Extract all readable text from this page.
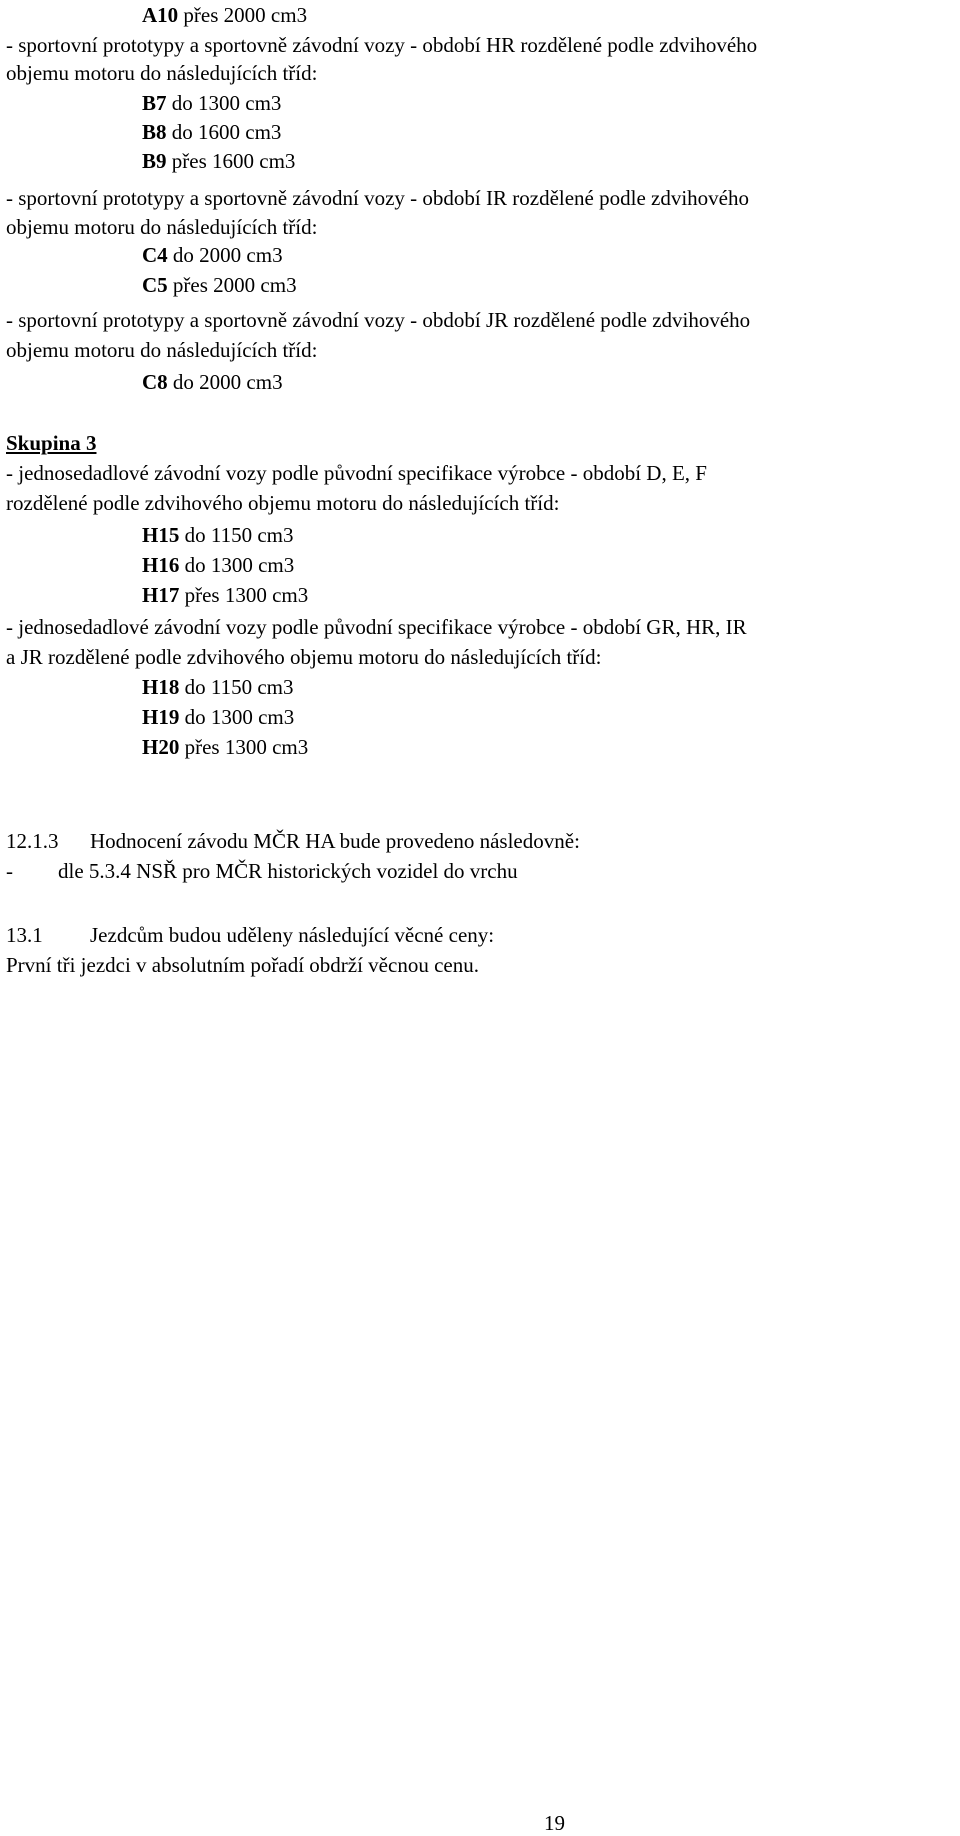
A10 přes 2000 cm3
- sportovní prototypy a sportovně závodní vozy - období HR rozdělené podle zdvihového
objemu motoru do následujících tříd:
B7 do 1300 cm3
B8 do 1600 cm3
B9 přes 1600 cm3
- sportovní prototypy a sportovně závodní vozy - období IR rozdělené podle zdvihového
objemu motoru do následujících tříd:
C4 do 2000 cm3
C5 přes 2000 cm3
- sportovní prototypy a sportovně závodní vozy - období JR rozdělené podle zdvihového
objemu motoru do následujících tříd:
C8 do 2000 cm3
Skupina 3
- jednosedadlové závodní vozy podle původní specifikace výrobce - období D, E, F
rozdělené podle zdvihového objemu motoru do následujících tříd:
H15 do 1150 cm3
H16 do 1300 cm3
H17 přes 1300 cm3
- jednosedadlové závodní vozy podle původní specifikace výrobce - období GR, HR, IR
a JR rozdělené podle zdvihového objemu motoru do následujících tříd:
H18 do 1150 cm3
H19 do 1300 cm3
H20 přes 1300 cm3
12.1.3 Hodnocení závodu MČR HA bude provedeno následovně:
- dle 5.3.4 NSŘ pro MČR historických vozidel do vrchu
13.1 Jezdcům budou uděleny následující věcné ceny:
První tři jezdci v absolutním pořadí obdrží věcnou cenu.
19
